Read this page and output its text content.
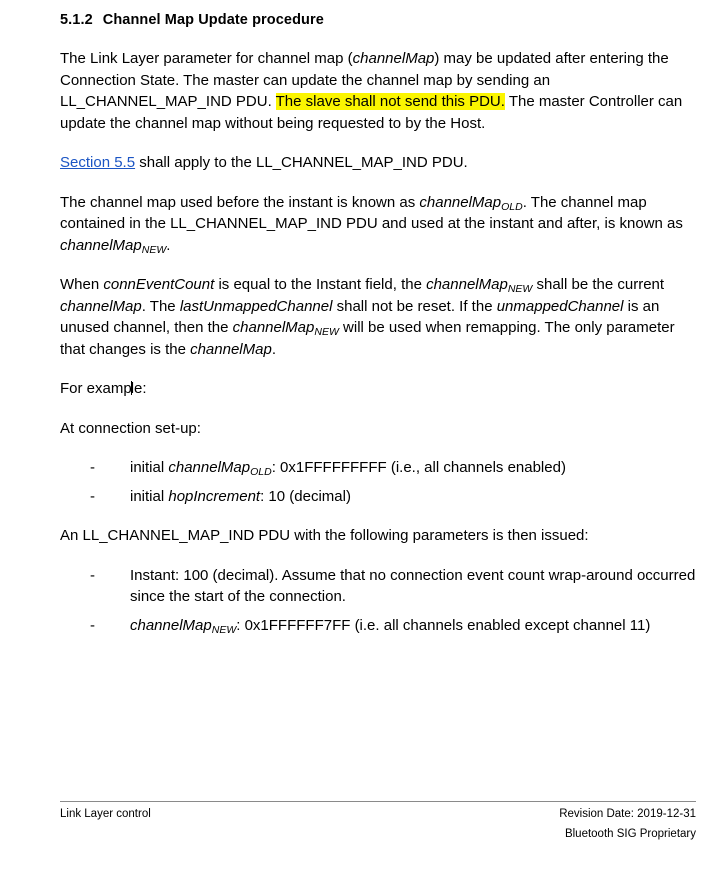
5.1.2 Channel Map Update procedure

The Link Layer parameter for channel map (channelMap) may be updated after entering the Connection State. The master can update the channel map by sending an LL_CHANNEL_MAP_IND PDU. The slave shall not send this PDU. The master Controller can update the channel map without being requested to by the Host.

Section 5.5 shall apply to the LL_CHANNEL_MAP_IND PDU.

The channel map used before the instant is known as channelMap$_{OLD}$. The channel map contained in the LL_CHANNEL_MAP_IND PDU and used at the instant and after, is known as channelMap$_{NEW}$.

When connEventCount is equal to the Instant field, the channelMap$_{NEW}$ shall be the current channelMap. The lastUnmappedChannel shall not be reset. If the unmappedChannel is an unused channel, then the channelMap$_{NEW}$ will be used when remapping. The only parameter that changes is the channelMap.

For example:

At connection set-up:

- initial channelMap$_{OLD}$: 0x1FFFFFFFFF (i.e., all channels enabled)
- initial hopIncrement: 10 (decimal)

An LL_CHANNEL_MAP_IND PDU with the following parameters is then issued:

- Instant: 100 (decimal). Assume that no connection event count wrap-around occurred since the start of the connection.
- channelMap$_{NEW}$: 0x1FFFFFF7FF (i.e. all channels enabled except channel 11)
Link Layer control	Revision Date: 2019-12-31
Bluetooth SIG Proprietary
